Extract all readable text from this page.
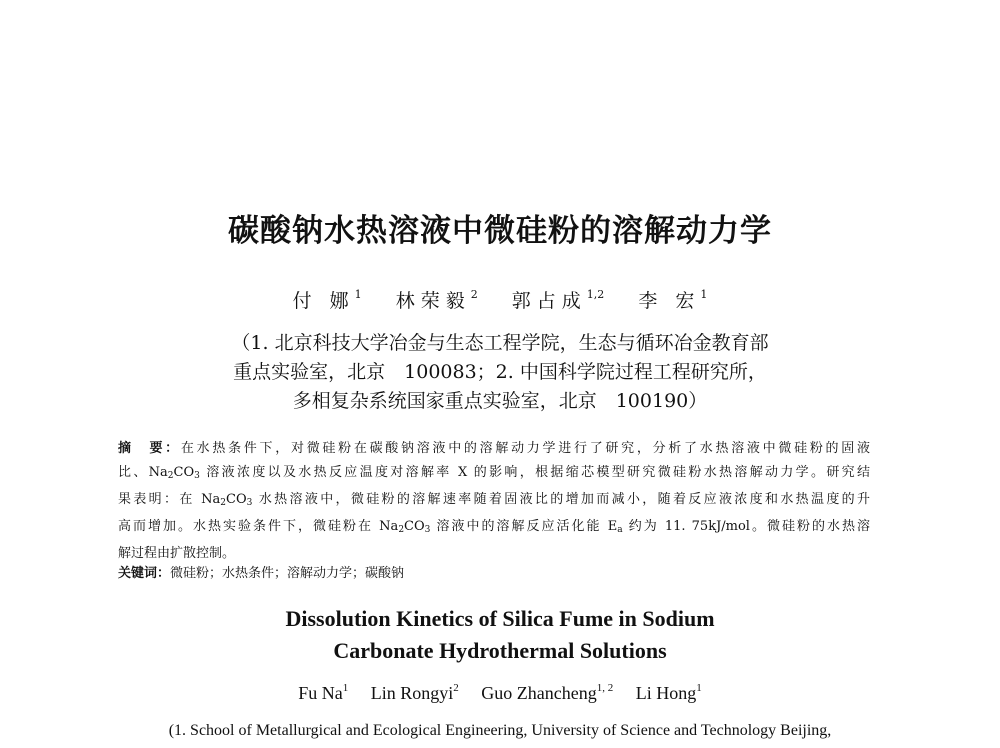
碳酸钠水热溶液中微硅粉的溶解动力学
付 娜$^1$ 林荣毅$^2$ 郭占成$^{1,2}$ 李 宏$^1$
（1. 北京科技大学冶金与生态工程学院，生态与循环冶金教育部
重点实验室，北京　100083；2. 中国科学院过程工程研究所，
多相复杂系统国家重点实验室，北京　100190）
摘　要：在水热条件下，对微硅粉在碳酸钠溶液中的溶解动力学进行了研究，分析了水热溶液中微硅粉的固液
比、$Na_2CO_3$ 溶液浓度以及水热反应温度对溶解率 X 的影响，根据缩芯模型研究微硅粉水热溶解动力学。研究结
果表明：在 $Na_2CO_3$ 水热溶液中，微硅粉的溶解速率随着固液比的增加而减小，随着反应液浓度和水热温度的升
高而增加。水热实验条件下，微硅粉在 $Na_2CO_3$ 溶液中的溶解反应活化能 $E_a$ 约为 11. 75kJ/mol。微硅粉的水热溶
解过程由扩散控制。
关键词：微硅粉；水热条件；溶解动力学；碳酸钠
Dissolution Kinetics of Silica Fume in Sodium
Carbonate Hydrothermal Solutions
Fu Na$^1$ Lin Rongyi$^2$ Guo Zhancheng$^{1, 2}$ Li Hong$^1$
(1. School of Metallurgical and Ecological Engineering, University of Science and Technology Beijing,
